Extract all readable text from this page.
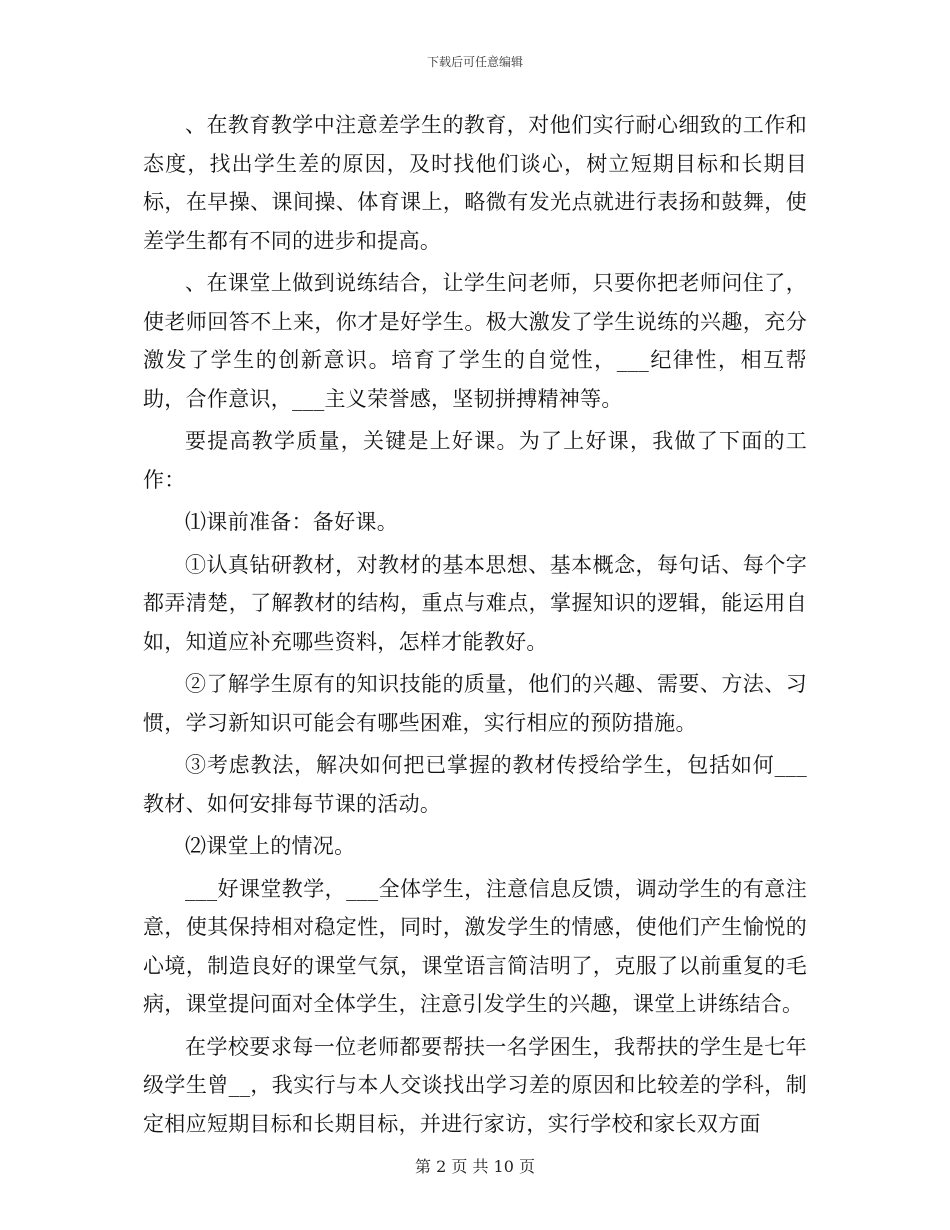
下载后可任意编辑

、在教育教学中注意差学生的教育，对他们实行耐心细致的工作和态度，找出学生差的原因，及时找他们谈心，树立短期目标和长期目标，在早操、课间操、体育课上，略微有发光点就进行表扬和鼓舞，使差学生都有不同的进步和提高。

、在课堂上做到说练结合，让学生问老师，只要你把老师问住了，使老师回答不上来，你才是好学生。极大激发了学生说练的兴趣，充分激发了学生的创新意识。培育了学生的自觉性，___纪律性，相互帮助，合作意识，___主义荣誉感，坚韧拼搏精神等。

要提高教学质量，关键是上好课。为了上好课，我做了下面的工作：

⑴课前准备：备好课。

①认真钻研教材，对教材的基本思想、基本概念，每句话、每个字都弄清楚，了解教材的结构，重点与难点，掌握知识的逻辑，能运用自如，知道应补充哪些资料，怎样才能教好。

②了解学生原有的知识技能的质量，他们的兴趣、需要、方法、习惯，学习新知识可能会有哪些困难，实行相应的预防措施。

③考虑教法，解决如何把已掌握的教材传授给学生，包括如何___教材、如何安排每节课的活动。

⑵课堂上的情况。

___好课堂教学，___全体学生，注意信息反馈，调动学生的有意注意，使其保持相对稳定性，同时，激发学生的情感，使他们产生愉悦的心境，制造良好的课堂气氛，课堂语言简洁明了，克服了以前重复的毛病，课堂提问面对全体学生，注意引发学生的兴趣，课堂上讲练结合。

在学校要求每一位老师都要帮扶一名学困生，我帮扶的学生是七年级学生曾__，我实行与本人交谈找出学习差的原因和比较差的学科，制定相应短期目标和长期目标，并进行家访，实行学校和家长双方面

第 2 页 共 10 页
